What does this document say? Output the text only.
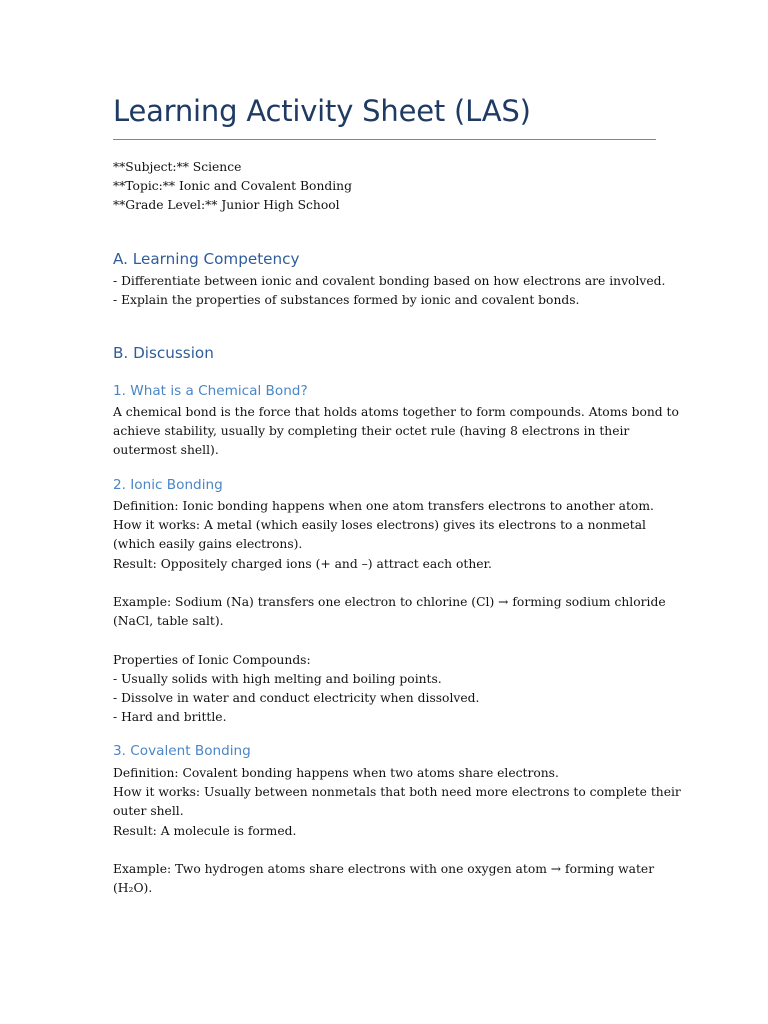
Learning Activity Sheet (LAS)

**Subject:** Science

**Topic:** Ionic and Covalent Bonding

**Grade Level:** Junior High School

A. Learning Competency

- Differentiate between ionic and covalent bonding based on how electrons are involved.

- Explain the properties of substances formed by ionic and covalent bonds.

B. Discussion
1. What is a Chemical Bond?

A chemical bond is the force that holds atoms together to form compounds. Atoms bond to

achieve stability, usually by completing their octet rule (having 8 electrons in their

outermost shell).

2. Ionic Bonding

Definition: Ionic bonding happens when one atom transfers electrons to another atom.

How it works: A metal (which easily loses electrons) gives its electrons to a nonmetal

(which easily gains electrons).

Result: Oppositely charged ions (+ and –) attract each other.

Example: Sodium (Na) transfers one electron to chlorine (Cl) → forming sodium chloride

(NaCl, table salt).

Properties of Ionic Compounds:

- Usually solids with high melting and boiling points.

- Dissolve in water and conduct electricity when dissolved.

- Hard and brittle.

3. Covalent Bonding

Definition: Covalent bonding happens when two atoms share electrons.

How it works: Usually between nonmetals that both need more electrons to complete their

outer shell.

Result: A molecule is formed.

Example: Two hydrogen atoms share electrons with one oxygen atom → forming water

(H₂O).
